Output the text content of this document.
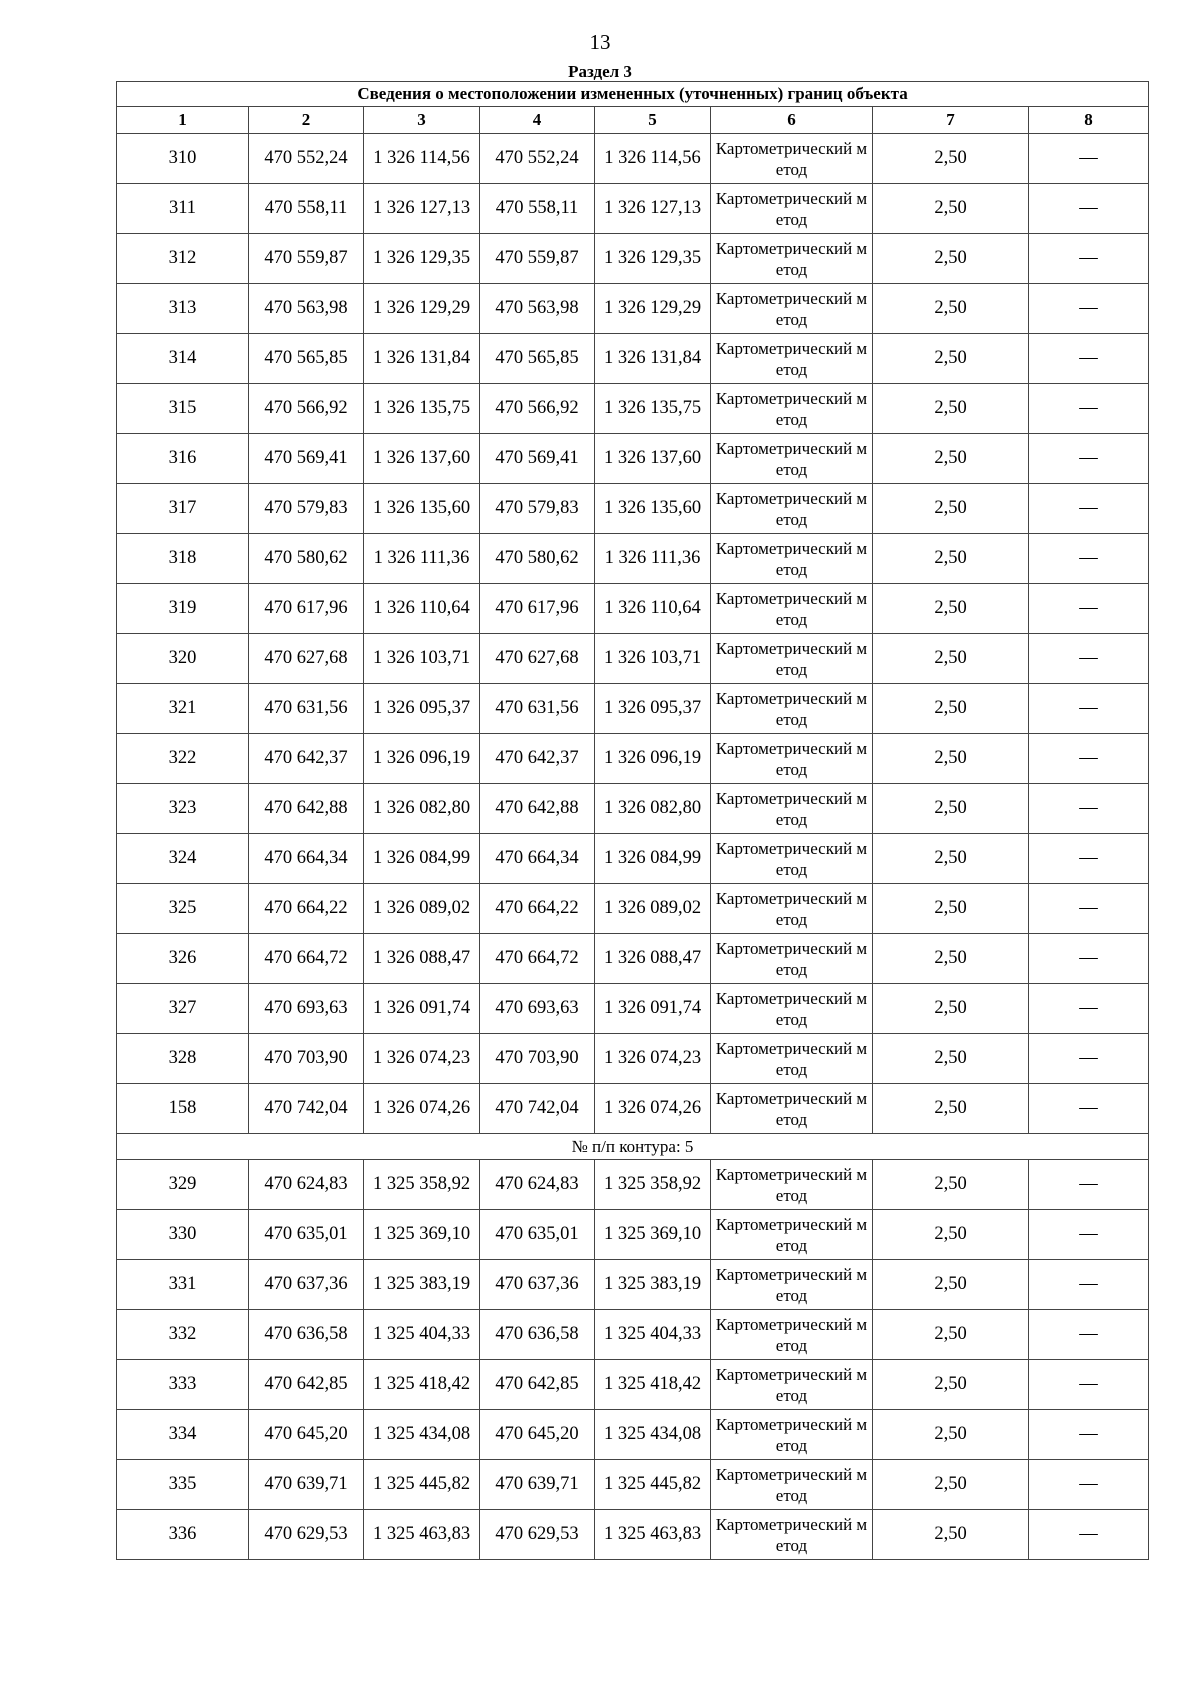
13
Раздел 3
Сведения о местоположении измененных (уточненных) границ объекта							
1	2	3	4	5	6	7	8
310	470 552,24	1 326 114,56	470 552,24	1 326 114,56	Картометрический метод	2,50	—
311	470 558,11	1 326 127,13	470 558,11	1 326 127,13	Картометрический метод	2,50	—
312	470 559,87	1 326 129,35	470 559,87	1 326 129,35	Картометрический метод	2,50	—
313	470 563,98	1 326 129,29	470 563,98	1 326 129,29	Картометрический метод	2,50	—
314	470 565,85	1 326 131,84	470 565,85	1 326 131,84	Картометрический метод	2,50	—
315	470 566,92	1 326 135,75	470 566,92	1 326 135,75	Картометрический метод	2,50	—
316	470 569,41	1 326 137,60	470 569,41	1 326 137,60	Картометрический метод	2,50	—
317	470 579,83	1 326 135,60	470 579,83	1 326 135,60	Картометрический метод	2,50	—
318	470 580,62	1 326 111,36	470 580,62	1 326 111,36	Картометрический метод	2,50	—
319	470 617,96	1 326 110,64	470 617,96	1 326 110,64	Картометрический метод	2,50	—
320	470 627,68	1 326 103,71	470 627,68	1 326 103,71	Картометрический метод	2,50	—
321	470 631,56	1 326 095,37	470 631,56	1 326 095,37	Картометрический метод	2,50	—
322	470 642,37	1 326 096,19	470 642,37	1 326 096,19	Картометрический метод	2,50	—
323	470 642,88	1 326 082,80	470 642,88	1 326 082,80	Картометрический метод	2,50	—
324	470 664,34	1 326 084,99	470 664,34	1 326 084,99	Картометрический метод	2,50	—
325	470 664,22	1 326 089,02	470 664,22	1 326 089,02	Картометрический метод	2,50	—
326	470 664,72	1 326 088,47	470 664,72	1 326 088,47	Картометрический метод	2,50	—
327	470 693,63	1 326 091,74	470 693,63	1 326 091,74	Картометрический метод	2,50	—
328	470 703,90	1 326 074,23	470 703,90	1 326 074,23	Картометрический метод	2,50	—
158	470 742,04	1 326 074,26	470 742,04	1 326 074,26	Картометрический метод	2,50	—
№ п/п контура: 5							
329	470 624,83	1 325 358,92	470 624,83	1 325 358,92	Картометрический метод	2,50	—
330	470 635,01	1 325 369,10	470 635,01	1 325 369,10	Картометрический метод	2,50	—
331	470 637,36	1 325 383,19	470 637,36	1 325 383,19	Картометрический метод	2,50	—
332	470 636,58	1 325 404,33	470 636,58	1 325 404,33	Картометрический метод	2,50	—
333	470 642,85	1 325 418,42	470 642,85	1 325 418,42	Картометрический метод	2,50	—
334	470 645,20	1 325 434,08	470 645,20	1 325 434,08	Картометрический метод	2,50	—
335	470 639,71	1 325 445,82	470 639,71	1 325 445,82	Картометрический метод	2,50	—
336	470 629,53	1 325 463,83	470 629,53	1 325 463,83	Картометрический метод	2,50	—
